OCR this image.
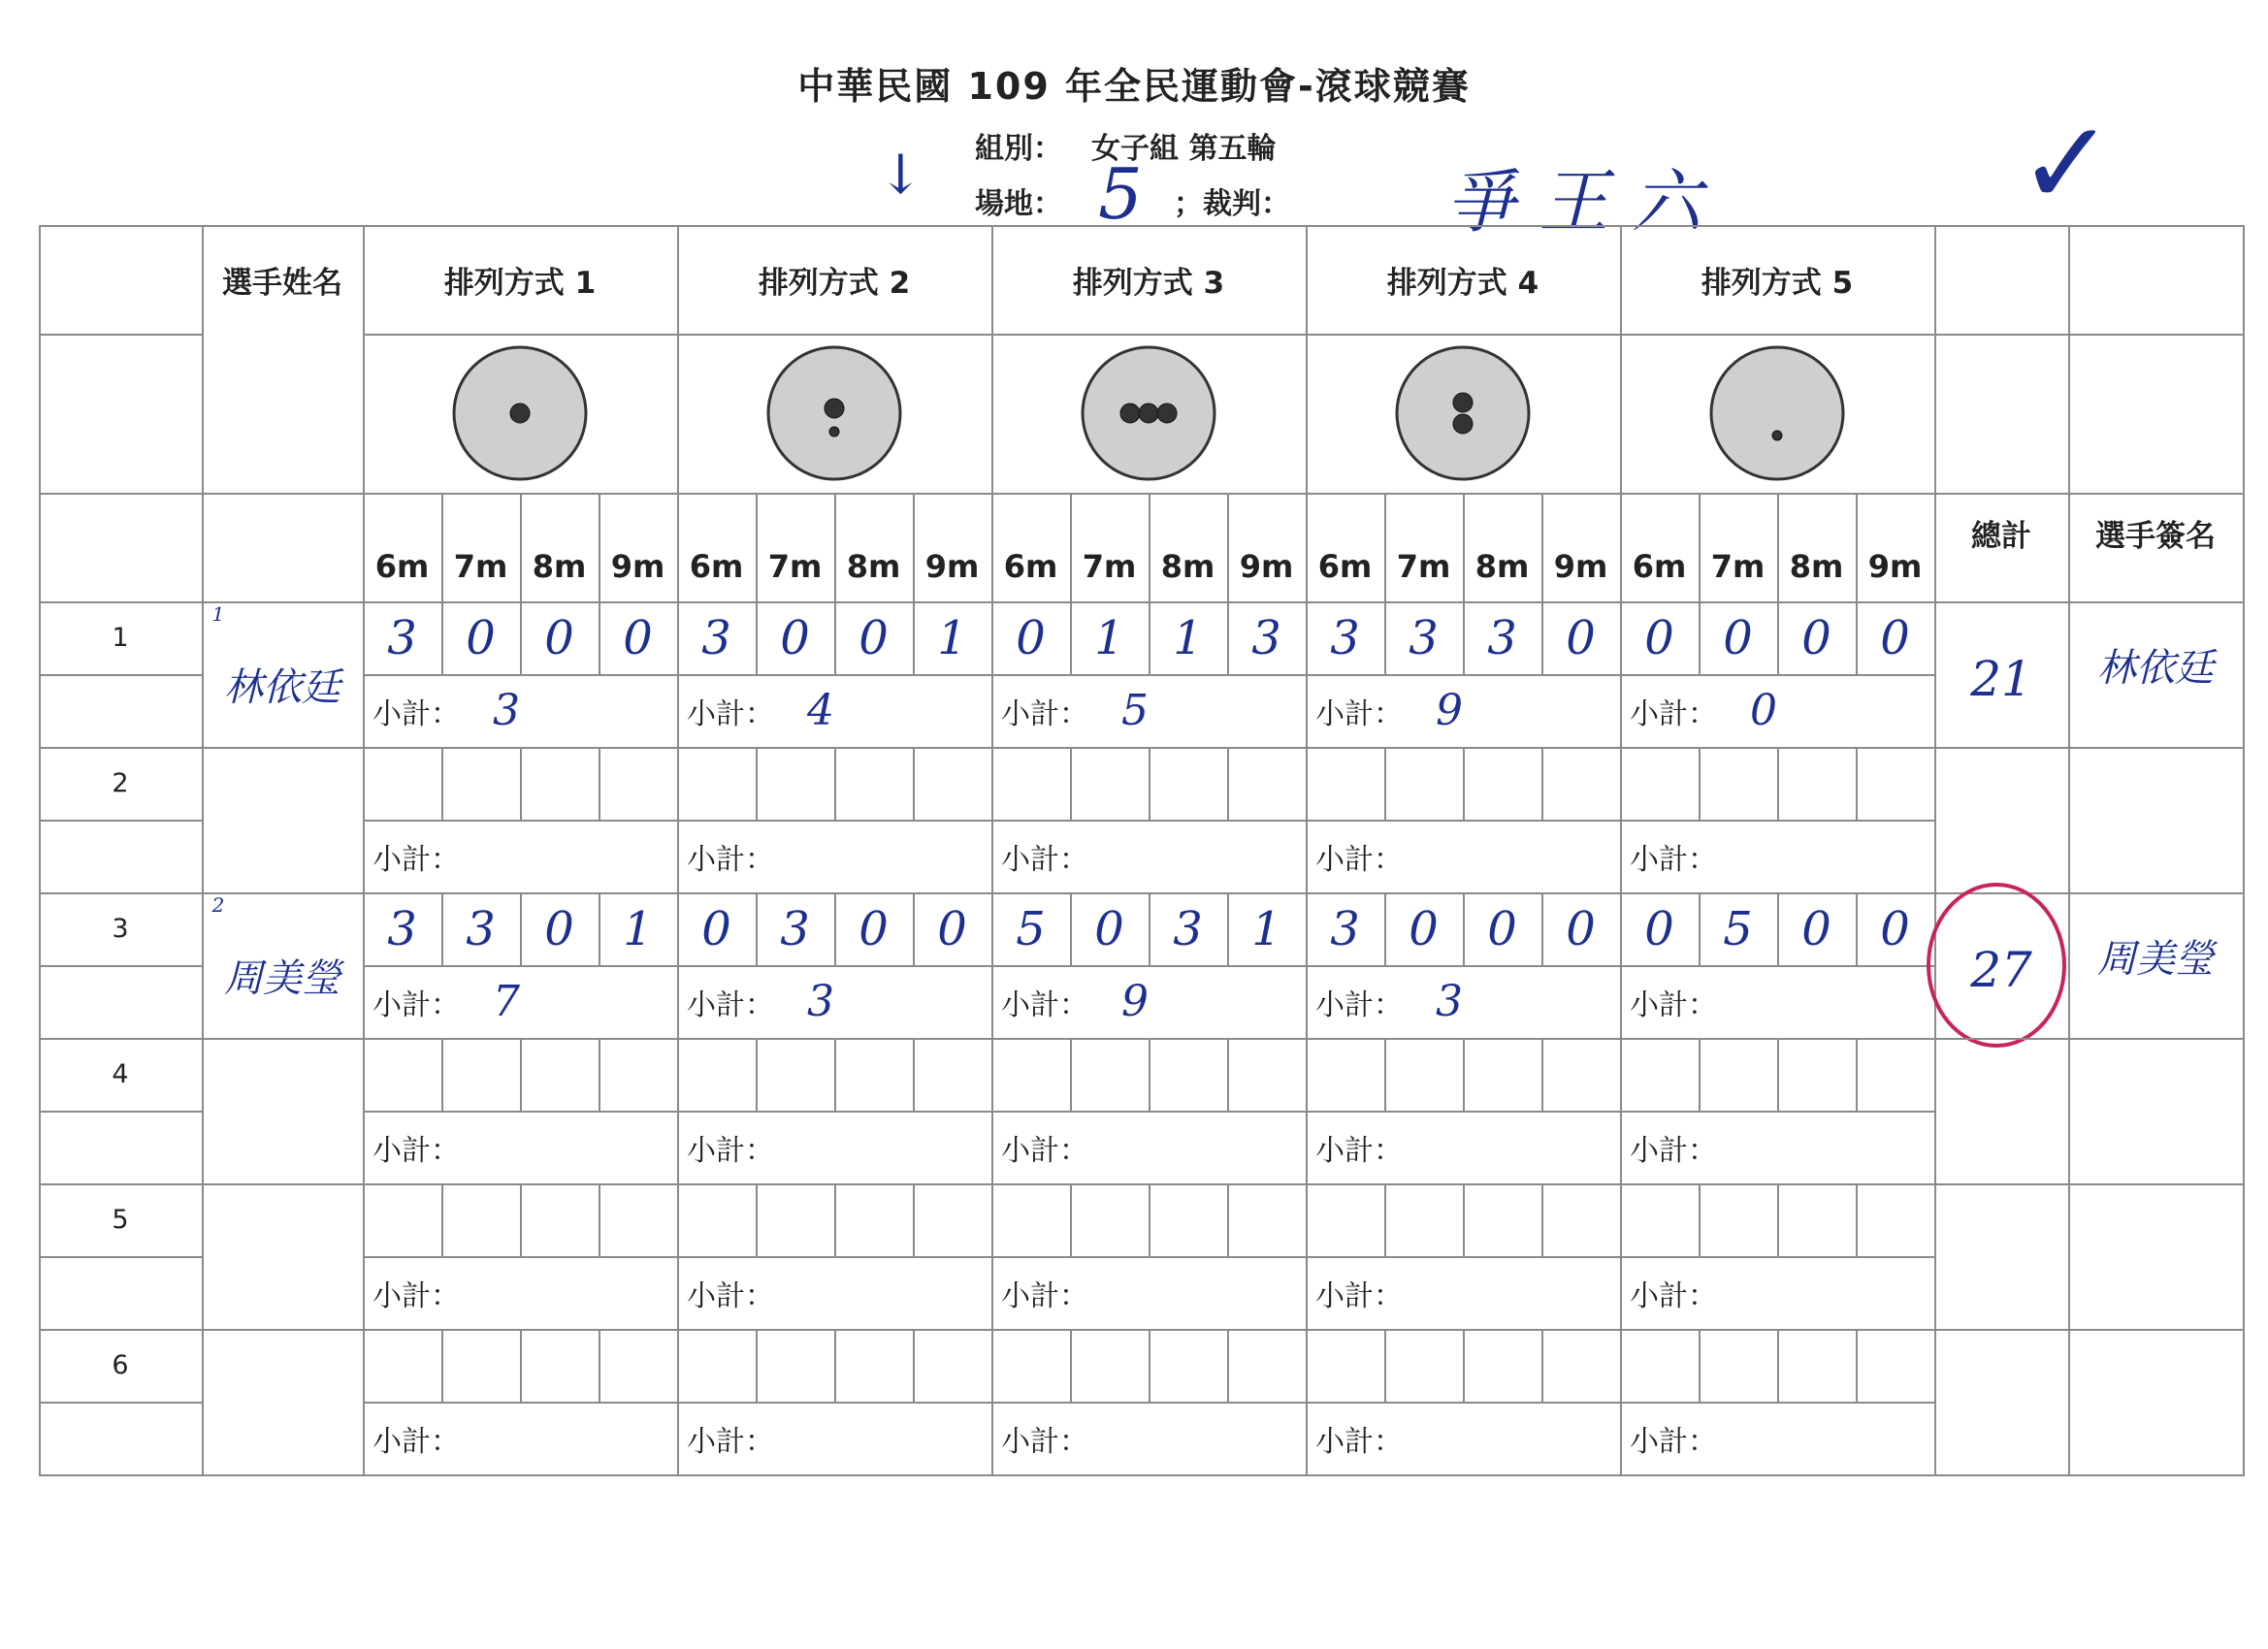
中華民國 109 年全民運動會-滾球競賽
組別： 女子組 第五輪
場地： 5 ；裁判： 爭王六
↓	✓
選手姓名	排列方式 1
6m 7m 8m 9m
排列方式 2
6m 7m 8m 9m
排列方式 3
6m 7m 8m 9m
排列方式 4
6m 7m 8m 9m
排列方式 5
6m 7m 8m 9m
總計	選手簽名
1
1
林依廷
3	0	0	0	3	0	0	1	0	1	1	3	3	3	3	0	0	0	0	0
小計： 3	小計： 4	小計： 5	小計： 9	小計： 0
21	林依廷
2
小計：	小計：	小計：	小計：	小計：
3
2
周美瑩
3	3	0	1	0	3	0	0	5	0	3	1	3	0	0	0	0	5	0	0
小計： 7	小計： 3	小計： 9	小計： 3	小計：
27	周美瑩
4
小計：	小計：	小計：	小計：	小計：
5
小計：	小計：	小計：	小計：	小計：
6
小計：	小計：	小計：	小計：	小計：
